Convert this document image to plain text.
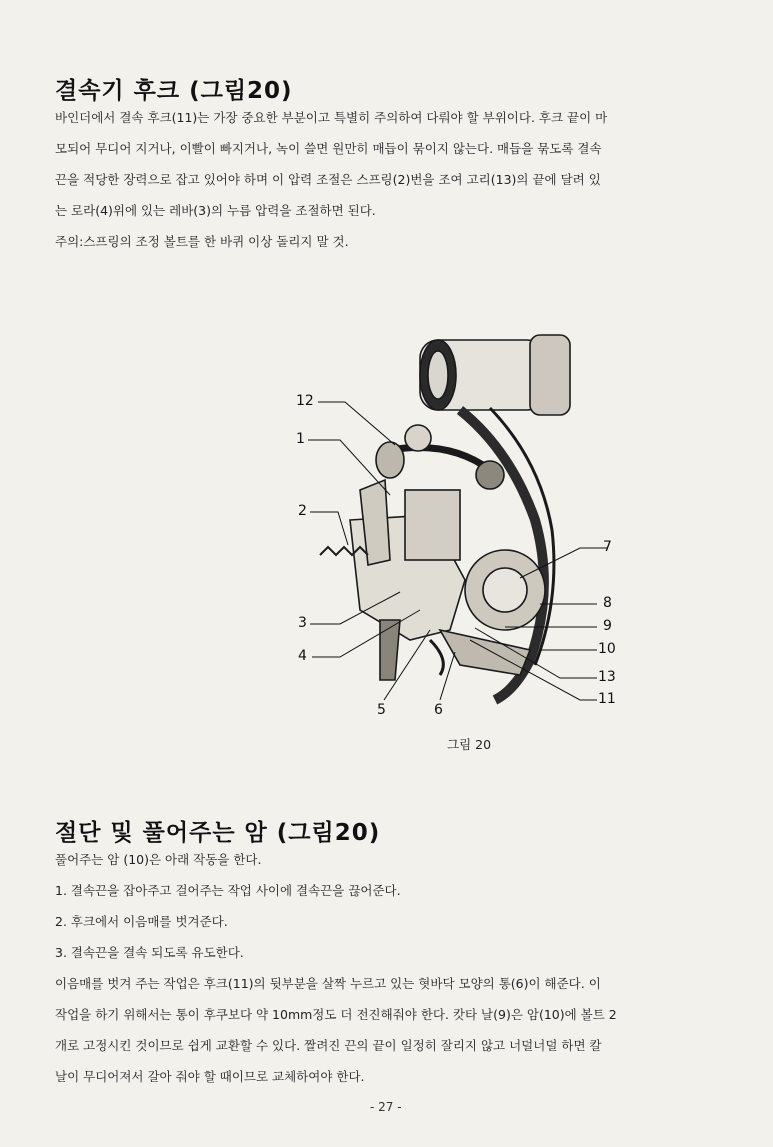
결속기 후크 (그림20)
바인더에서 결속 후크(11)는 가장 중요한 부분이고 특별히 주의하여 다뤄야 할 부위이다. 후크 끝이 마
모되어 무디어 지거나, 이빨이 빠지거나, 녹이 쓸면 원만히 매듭이 묶이지 않는다. 매듭을 묶도록 결속
끈을 적당한 장력으로 잡고 있어야 하며 이 압력 조절은 스프링(2)번을 조여 고리(13)의 끝에 달려 있
는 로라(4)위에 있는 레바(3)의 누름 압력을 조절하면 된다.
주의:스프링의 조정 볼트를 한 바퀴 이상 돌리지 말 것.
12
1
2
3
4
5	6
7
8
9
10
13
11
그림 20
절단 및 풀어주는 암 (그림20)
풀어주는 암 (10)은 아래 작동을 한다.
1. 결속끈을 잡아주고 걸어주는 작업 사이에 결속끈을 끊어준다.
2. 후크에서 이음매를 벗겨준다.
3. 결속끈을 결속 되도록 유도한다.
이음매를 벗겨 주는 작업은 후크(11)의 뒷부분을 살짝 누르고 있는 혓바닥 모양의 통(6)이 해준다. 이
작업을 하기 위해서는 통이 후쿠보다 약 10mm정도 더 전진해줘야 한다. 캇타 날(9)은 암(10)에 볼트 2
개로 고정시킨 것이므로 쉽게 교환할 수 있다. 짤려진 끈의 끝이 일정히 잘리지 않고 너덜너덜 하면 칼
날이 무디어져서 갈아 줘야 할 때이므로 교체하여야 한다.
- 27 -
